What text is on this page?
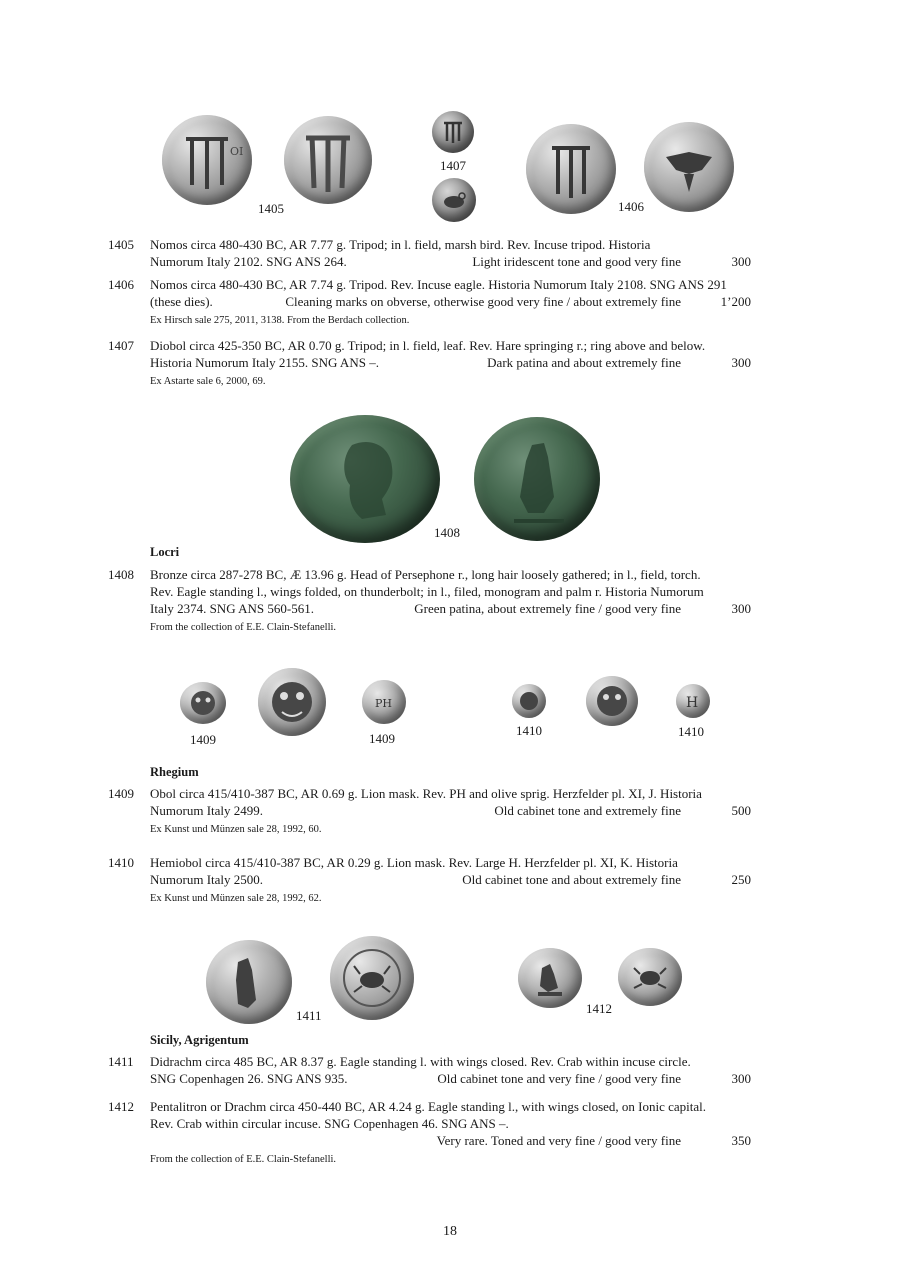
ΟΙ
1405
1407
1406
1405 Nomos circa 480-430 BC, AR 7.77 g. Tripod; in l. field, marsh bird. Rev. Incuse tripod. Historia
Numorum Italy 2102. SNG ANS 264.	Light iridescent tone and good very fine	300
1406 Nomos circa 480-430 BC, AR 7.74 g. Tripod. Rev. Incuse eagle. Historia Numorum Italy 2108. SNG ANS 291
(these dies).	Cleaning marks on obverse, otherwise good very fine / about extremely fine	1’200
Ex Hirsch sale 275, 2011, 3138. From the Berdach collection.
1407 Diobol circa 425-350 BC, AR 0.70 g. Tripod; in l. field, leaf. Rev. Hare springing r.; ring above and below.
Historia Numorum Italy 2155. SNG ANS –.	Dark patina and about extremely fine	300
Ex Astarte sale 6, 2000, 69.
1408
Locri
1408 Bronze circa 287-278 BC, Æ 13.96 g. Head of Persephone r., long hair loosely gathered; in l., field, torch.
Rev. Eagle standing l., wings folded, on thunderbolt; in l., filed, monogram and palm r. Historia Numorum
Italy 2374. SNG ANS 560-561.	Green patina, about extremely fine / good very fine	300
From the collection of E.E. Clain-Stefanelli.
PH
1409	1409
H
1410	1410
Rhegium
1409 Obol circa 415/410-387 BC, AR 0.69 g. Lion mask. Rev. PH and olive sprig. Herzfelder pl. XI, J. Historia
Numorum Italy 2499.	Old cabinet tone and extremely fine	500
Ex Kunst und Münzen sale 28, 1992, 60.
1410 Hemiobol circa 415/410-387 BC, AR 0.29 g. Lion mask. Rev. Large H. Herzfelder pl. XI, K. Historia
Numorum Italy 2500.	Old cabinet tone and about extremely fine	250
Ex Kunst und Münzen sale 28, 1992, 62.
1411	1412
Sicily, Agrigentum
1411 Didrachm circa 485 BC, AR 8.37 g. Eagle standing l. with wings closed. Rev. Crab within incuse circle.
SNG Copenhagen 26. SNG ANS 935.	Old cabinet tone and very fine / good very fine	300
1412 Pentalitron or Drachm circa 450-440 BC, AR 4.24 g. Eagle standing l., with wings closed, on Ionic capital.
Rev. Crab within circular incuse. SNG Copenhagen 46. SNG ANS –.
Very rare. Toned and very fine / good very fine	350
From the collection of E.E. Clain-Stefanelli.
18
